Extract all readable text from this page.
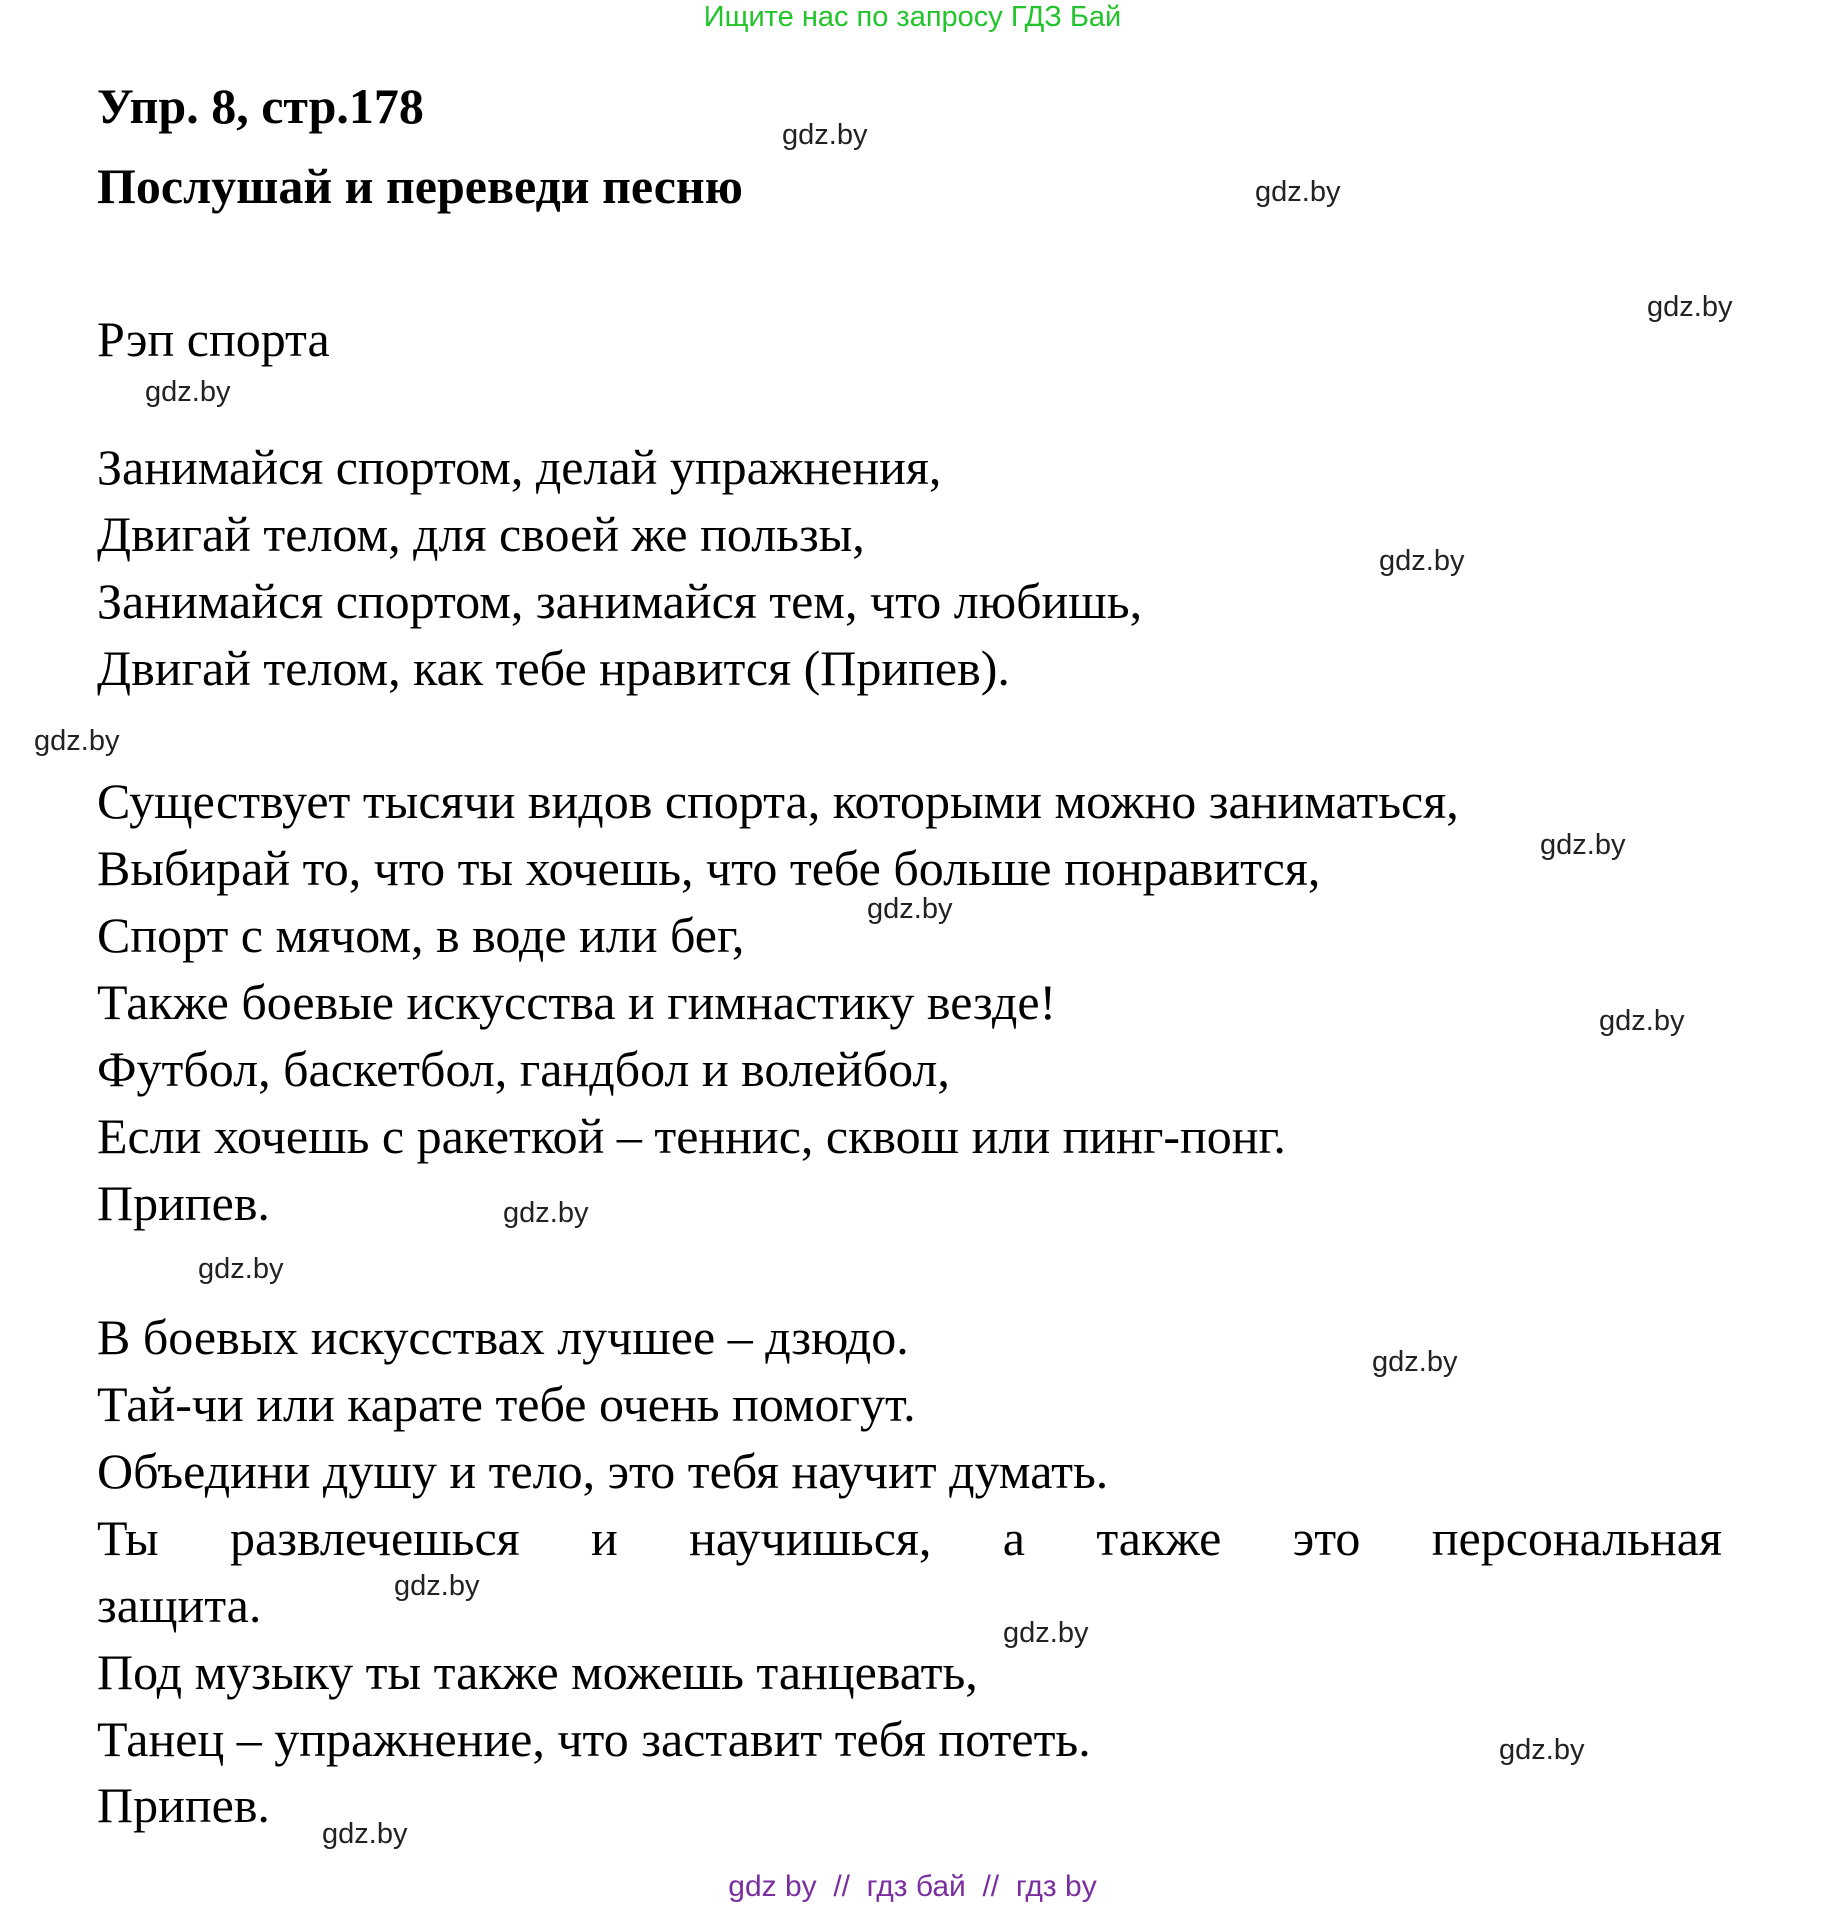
Ищите нас по запросу ГДЗ Бай
Упр. 8, стр.178
Послушай и переведи песню
Рэп спорта
Занимайся спортом, делай упражнения,
Двигай телом, для своей же пользы,
Занимайся спортом, занимайся тем, что любишь,
Двигай телом, как тебе нравится (Припев).
Существует тысячи видов спорта, которыми можно заниматься,
Выбирай то, что ты хочешь, что тебе больше понравится,
Спорт с мячом, в воде или бег,
Также боевые искусства и гимнастику везде!
Футбол, баскетбол, гандбол и волейбол,
Если хочешь с ракеткой – теннис, сквош или пинг-понг.
Припев.
В боевых искусствах лучшее – дзюдо.
Тай-чи или карате тебе очень помогут.
Объедини душу и тело, это тебя научит думать.
Ты развлечешься и научишься, а также это персональная
защита.
Под музыку ты также можешь танцевать,
Танец – упражнение, что заставит тебя потеть.
Припев.
gdz.by
gdz.by
gdz.by
gdz.by
gdz.by
gdz.by
gdz.by
gdz.by
gdz.by
gdz.by
gdz.by
gdz.by
gdz.by
gdz.by
gdz.by
gdz.by
gdz by  //  гдз бай  //  гдз by
